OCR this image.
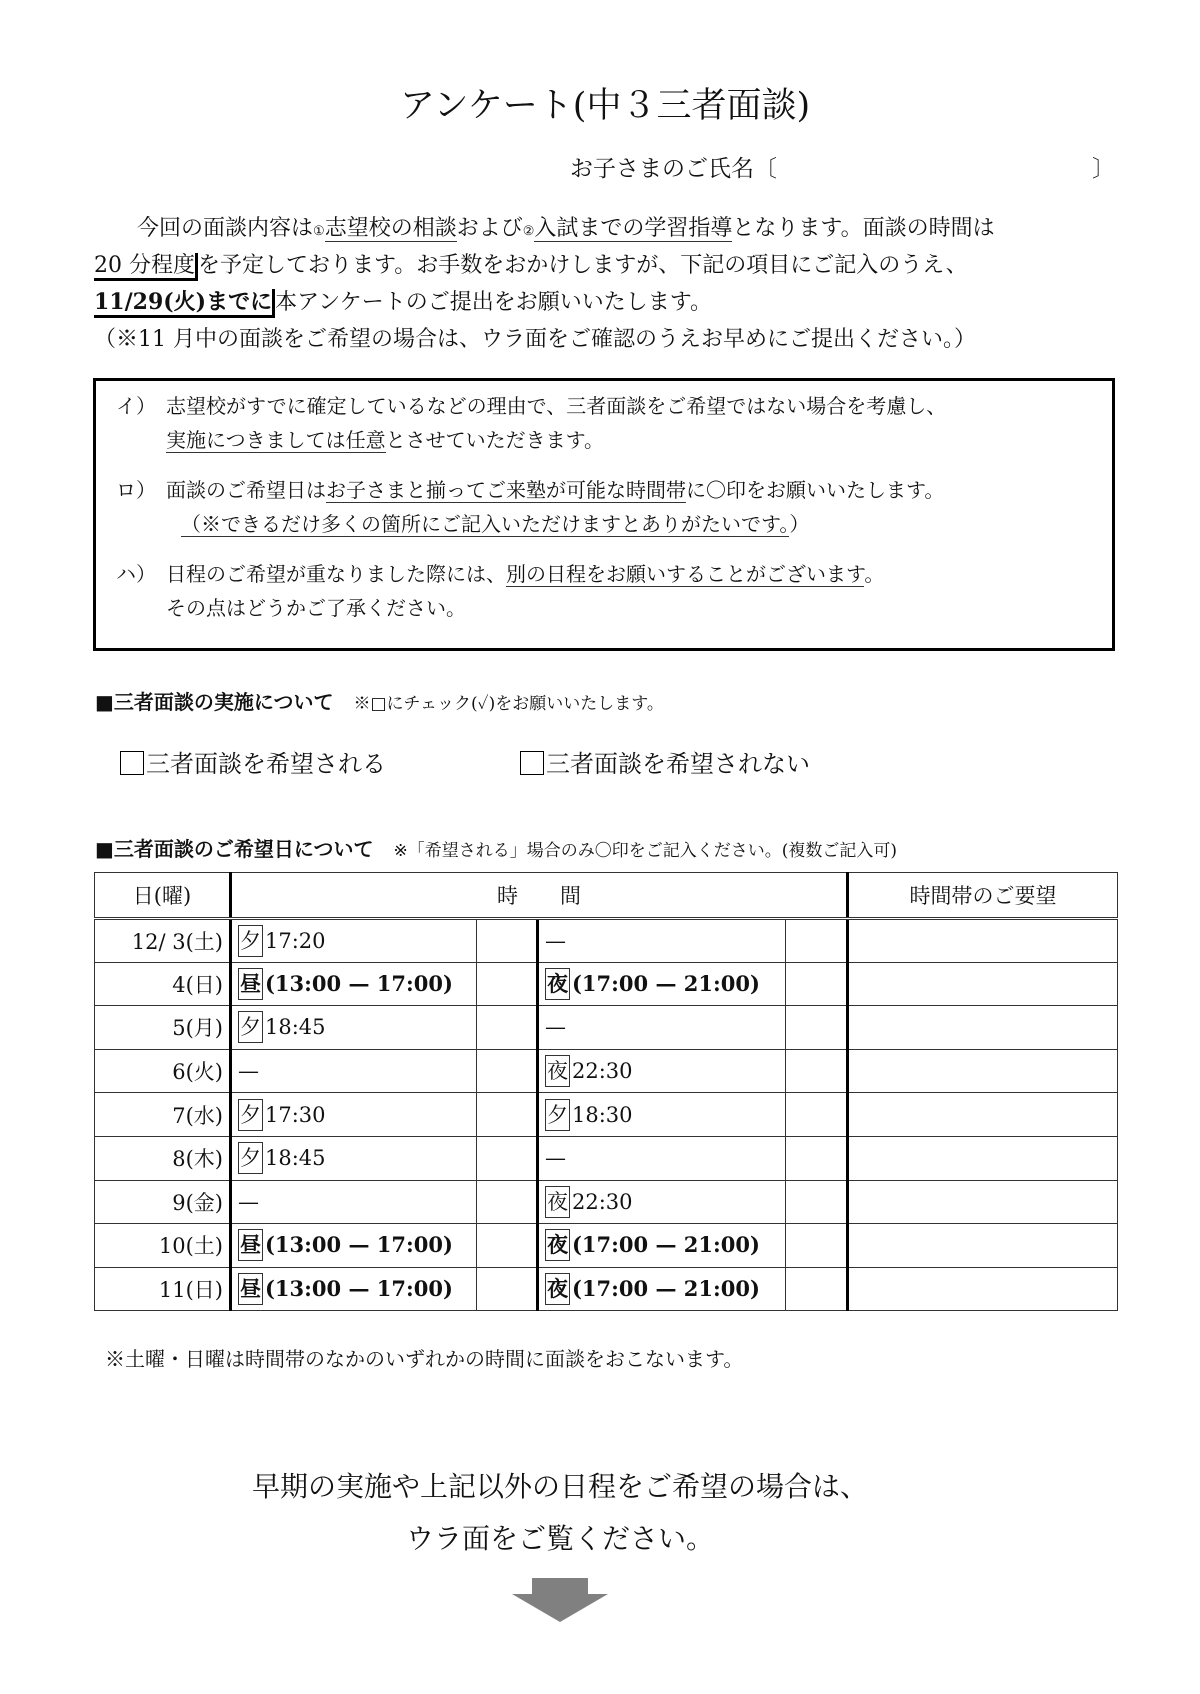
アンケート(中３三者面談)
お子さまのご氏名〔	〕
　今回の面談内容は①志望校の相談および②入試までの学習指導となります。面談の時間は
20 分程度 を予定しております。お手数をおかけしますが、下記の項目にご記入のうえ、
11/29(火)までに 本アンケートのご提出をお願いいたします。
（※11 月中の面談をご希望の場合は、ウラ面をご確認のうえお早めにご提出ください。）
イ） 志望校がすでに確定しているなどの理由で、三者面談をご希望ではない場合を考慮し、
実施につきましては任意とさせていただきます。
ロ） 面談のご希望日はお子さまと揃ってご来塾が可能な時間帯に〇印をお願いいたします。
（※できるだけ多くの箇所にご記入いただけますとありがたいです。）
ハ） 日程のご希望が重なりました際には、別の日程をお願いすることがございます。
その点はどうかご了承ください。
■三者面談の実施について ※□にチェック(✓)をお願いいたします。
三者面談を希望される	三者面談を希望されない
■三者面談のご希望日について ※「希望される」場合のみ〇印をご記入ください。(複数ご記入可)
日(曜)	時　　間				時間帯のご要望
12/ 3(土)	夕 17:20		—		
4(日)	昼 (13:00 — 17:00)		夜 (17:00 — 21:00)		
5(月)	夕 18:45		—		
6(火)	—		夜 22:30		
7(水)	夕 17:30		夕 18:30		
8(木)	夕 18:45		—		
9(金)	—		夜 22:30		
10(土)	昼 (13:00 — 17:00)		夜 (17:00 — 21:00)		
11(日)	昼 (13:00 — 17:00)		夜 (17:00 — 21:00)		
※土曜・日曜は時間帯のなかのいずれかの時間に面談をおこないます。
早期の実施や上記以外の日程をご希望の場合は、
ウラ面をご覧ください。
